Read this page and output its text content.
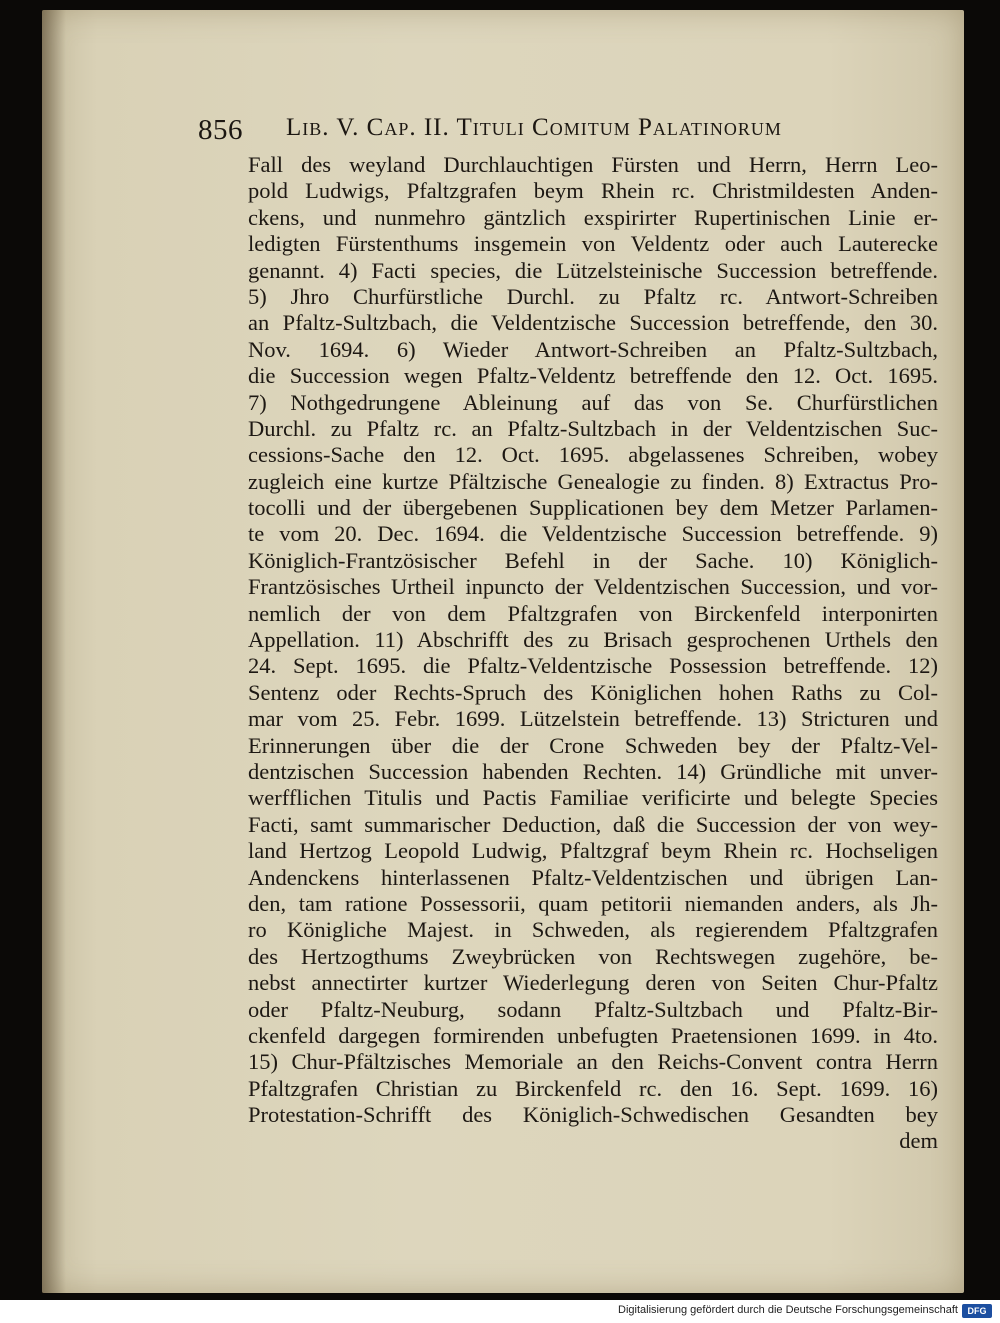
856 Lib. V. Cap. II. Tituli Comitum Palatinorum
Fall des weyland Durchlauchtigen Fürsten und Herrn, Herrn Leo-
pold Ludwigs, Pfaltzgrafen beym Rhein rc. Christmildesten Anden-
ckens, und nunmehro gäntzlich exspirirter Rupertinischen Linie er-
ledigten Fürstenthums insgemein von Veldentz oder auch Lauterecke
genannt. 4) Facti species, die Lützelsteinische Succession betreffende.
5) Jhro Churfürstliche Durchl. zu Pfaltz rc. Antwort-Schreiben
an Pfaltz-Sultzbach, die Veldentzische Succession betreffende, den 30.
Nov. 1694. 6) Wieder Antwort-Schreiben an Pfaltz-Sultzbach,
die Succession wegen Pfaltz-Veldentz betreffende den 12. Oct. 1695.
7) Nothgedrungene Ableinung auf das von Se. Churfürstlichen
Durchl. zu Pfaltz rc. an Pfaltz-Sultzbach in der Veldentzischen Suc-
cessions-Sache den 12. Oct. 1695. abgelassenes Schreiben, wobey
zugleich eine kurtze Pfältzische Genealogie zu finden. 8) Extractus Pro-
tocolli und der übergebenen Supplicationen bey dem Metzer Parlamen-
te vom 20. Dec. 1694. die Veldentzische Succession betreffende. 9)
Königlich-Frantzösischer Befehl in der Sache. 10) Königlich-
Frantzösisches Urtheil inpuncto der Veldentzischen Succession, und vor-
nemlich der von dem Pfaltzgrafen von Birckenfeld interponirten
Appellation. 11) Abschrifft des zu Brisach gesprochenen Urthels den
24. Sept. 1695. die Pfaltz-Veldentzische Possession betreffende. 12)
Sentenz oder Rechts-Spruch des Königlichen hohen Raths zu Col-
mar vom 25. Febr. 1699. Lützelstein betreffende. 13) Stricturen und
Erinnerungen über die der Crone Schweden bey der Pfaltz-Vel-
dentzischen Succession habenden Rechten. 14) Gründliche mit unver-
werfflichen Titulis und Pactis Familiae verificirte und belegte Species
Facti, samt summarischer Deduction, daß die Succession der von wey-
land Hertzog Leopold Ludwig, Pfaltzgraf beym Rhein rc. Hochseligen
Andenckens hinterlassenen Pfaltz-Veldentzischen und übrigen Lan-
den, tam ratione Possessorii, quam petitorii niemanden anders, als Jh-
ro Königliche Majest. in Schweden, als regierendem Pfaltzgrafen
des Hertzogthums Zweybrücken von Rechtswegen zugehöre, be-
nebst annectirter kurtzer Wiederlegung deren von Seiten Chur-Pfaltz
oder Pfaltz-Neuburg, sodann Pfaltz-Sultzbach und Pfaltz-Bir-
ckenfeld dargegen formirenden unbefugten Praetensionen 1699. in 4to.
15) Chur-Pfältzisches Memoriale an den Reichs-Convent contra Herrn
Pfaltzgrafen Christian zu Birckenfeld rc. den 16. Sept. 1699. 16)
Protestation-Schrifft des Königlich-Schwedischen Gesandten bey
dem
Digitalisierung gefördert durch die Deutsche Forschungsgemeinschaft	DFG
